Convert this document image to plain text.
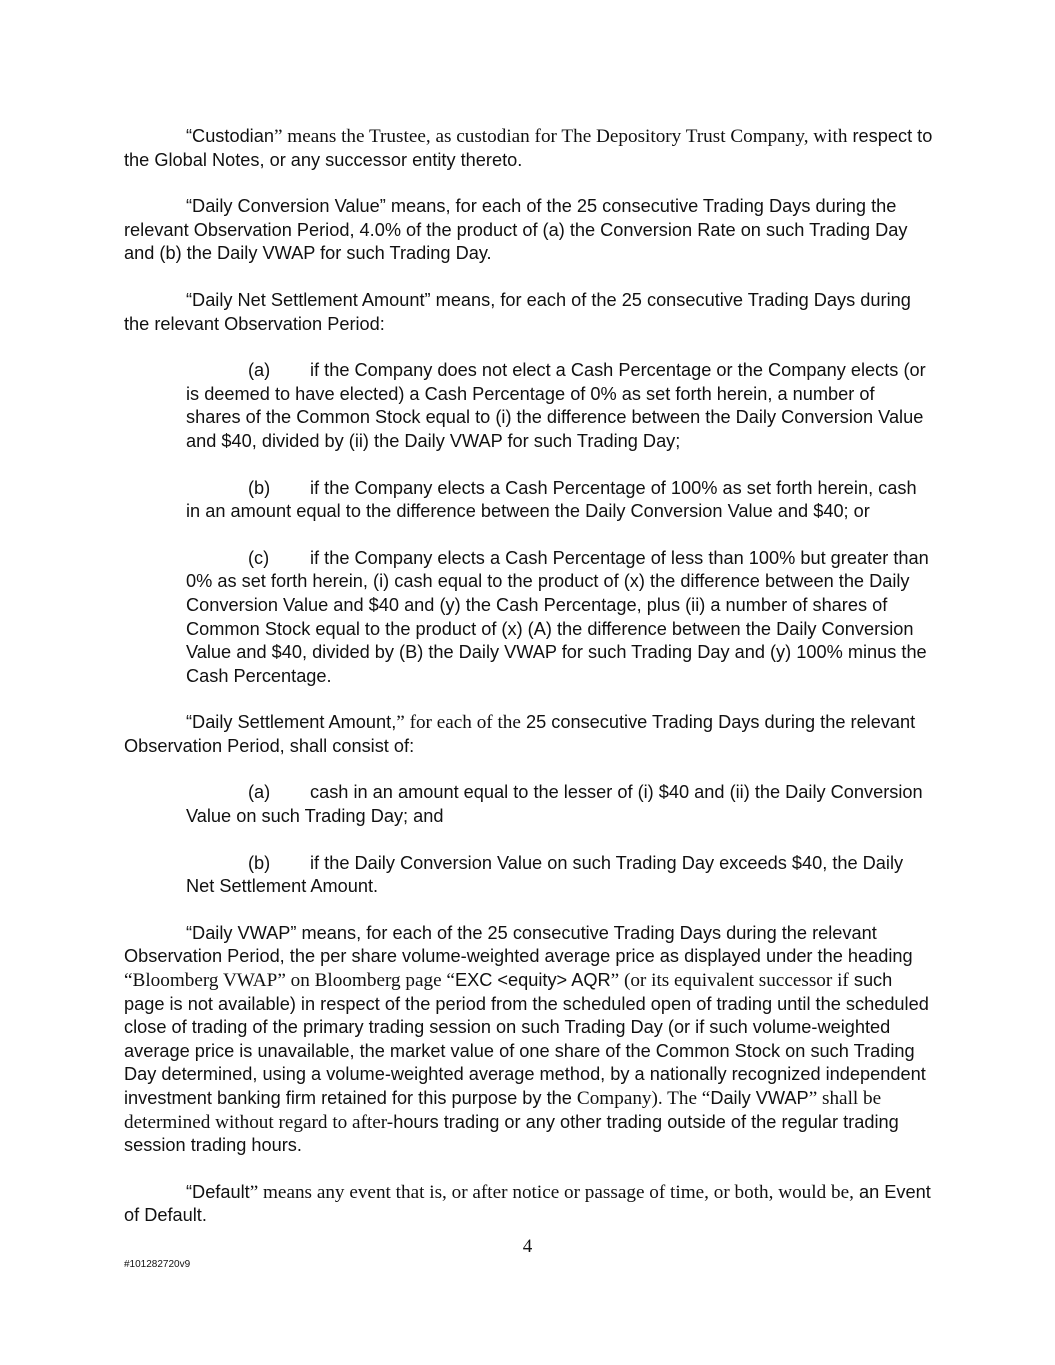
“Custodian” means the Trustee, as custodian for The Depository Trust Company, with respect to the Global Notes, or any successor entity thereto.

“Daily Conversion Value” means, for each of the 25 consecutive Trading Days during the relevant Observation Period, 4.0% of the product of (a) the Conversion Rate on such Trading Day and (b) the Daily VWAP for such Trading Day.

“Daily Net Settlement Amount” means, for each of the 25 consecutive Trading Days during the relevant Observation Period:

(a) if the Company does not elect a Cash Percentage or the Company elects (or is deemed to have elected) a Cash Percentage of 0% as set forth herein, a number of shares of the Common Stock equal to (i) the difference between the Daily Conversion Value and $40, divided by (ii) the Daily VWAP for such Trading Day;

(b) if the Company elects a Cash Percentage of 100% as set forth herein, cash in an amount equal to the difference between the Daily Conversion Value and $40; or

(c) if the Company elects a Cash Percentage of less than 100% but greater than 0% as set forth herein, (i) cash equal to the product of (x) the difference between the Daily Conversion Value and $40 and (y) the Cash Percentage, plus (ii) a number of shares of Common Stock equal to the product of (x) (A) the difference between the Daily Conversion Value and $40, divided by (B) the Daily VWAP for such Trading Day and (y) 100% minus the Cash Percentage.

“Daily Settlement Amount,” for each of the 25 consecutive Trading Days during the relevant Observation Period, shall consist of:

(a) cash in an amount equal to the lesser of (i) $40 and (ii) the Daily Conversion Value on such Trading Day; and

(b) if the Daily Conversion Value on such Trading Day exceeds $40, the Daily Net Settlement Amount.

“Daily VWAP” means, for each of the 25 consecutive Trading Days during the relevant Observation Period, the per share volume-weighted average price as displayed under the heading “Bloomberg VWAP” on Bloomberg page “EXC <equity> AQR” (or its equivalent successor if such page is not available) in respect of the period from the scheduled open of trading until the scheduled close of trading of the primary trading session on such Trading Day (or if such volume-weighted average price is unavailable, the market value of one share of the Common Stock on such Trading Day determined, using a volume-weighted average method, by a nationally recognized independent investment banking firm retained for this purpose by the Company). The “Daily VWAP” shall be determined without regard to after-hours trading or any other trading outside of the regular trading session trading hours.

“Default” means any event that is, or after notice or passage of time, or both, would be, an Event of Default.

4
#101282720v9
